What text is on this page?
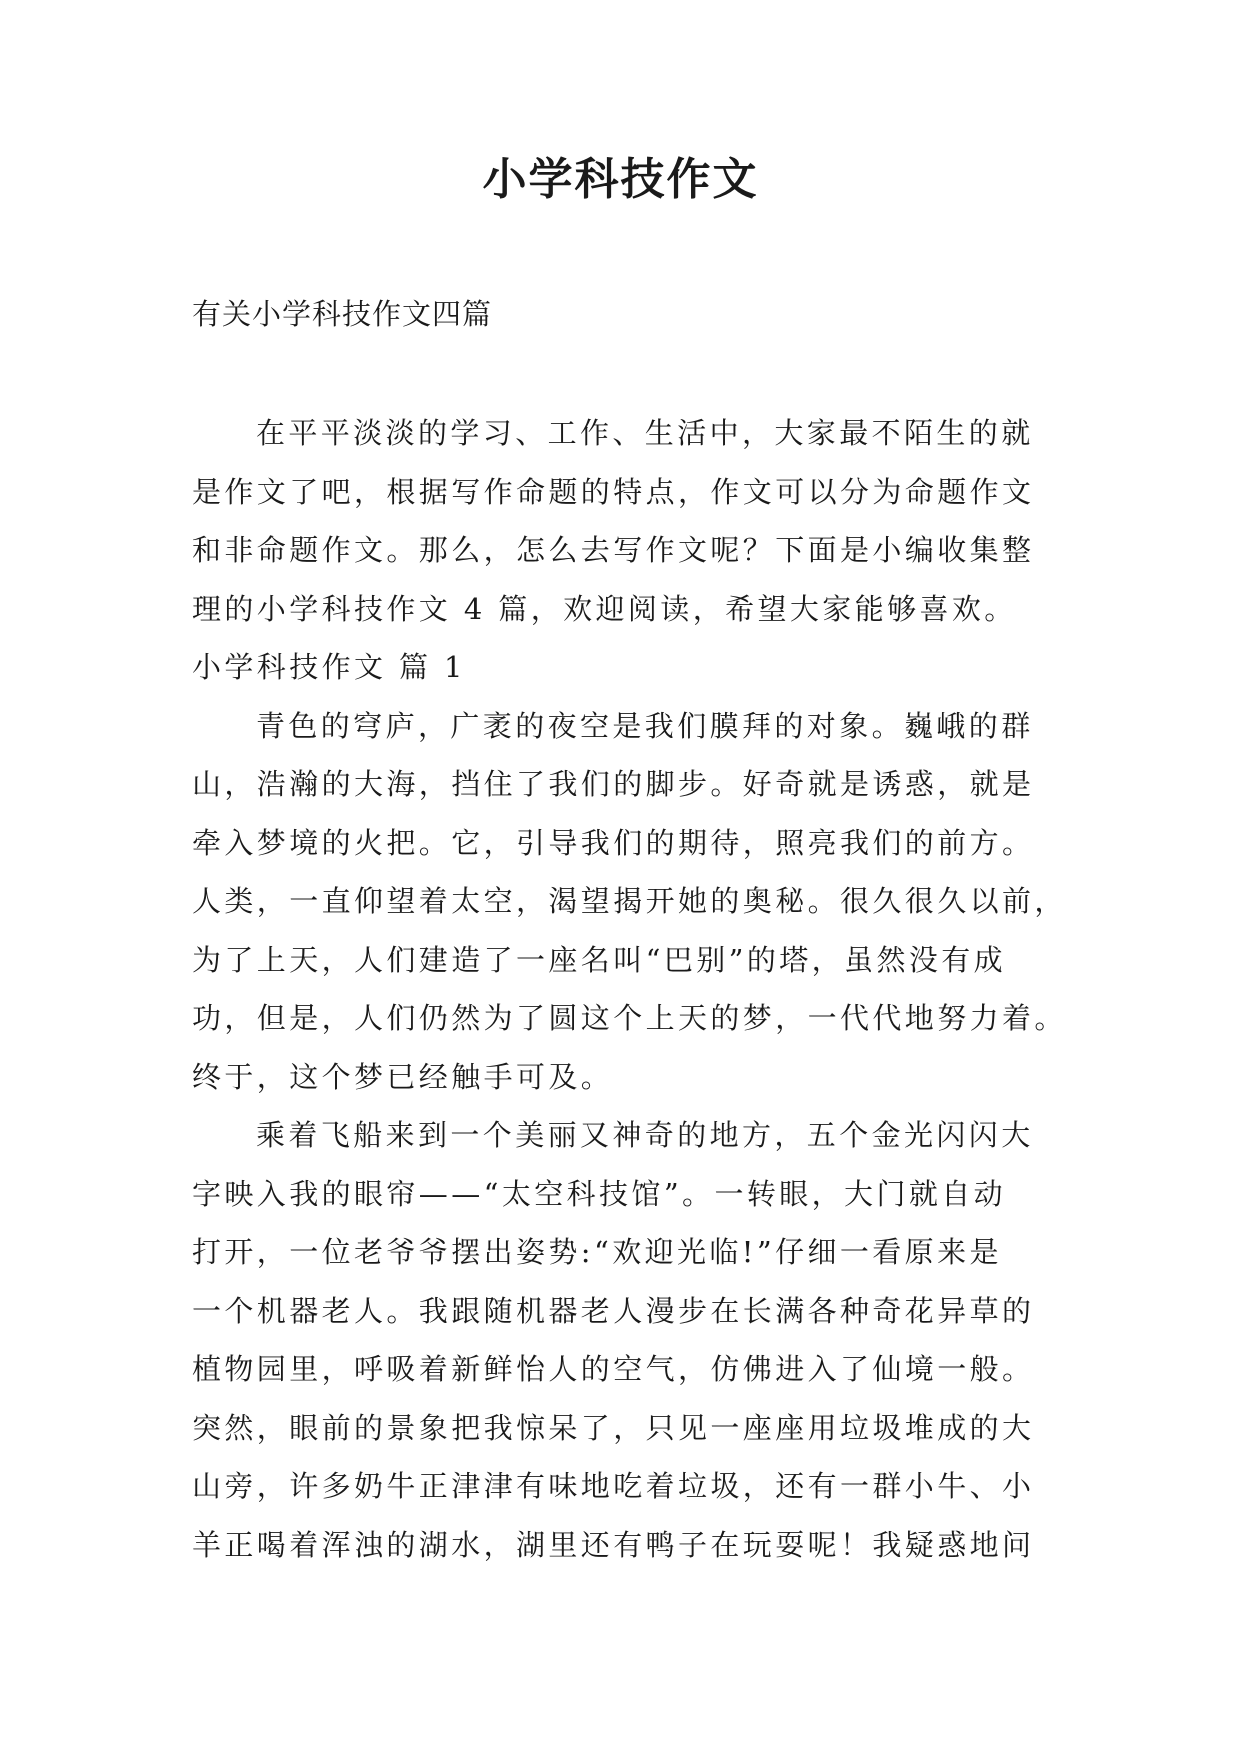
小学科技作文

有关小学科技作文四篇

在平平淡淡的学习、工作、生活中，大家最不陌生的就

是作文了吧，根据写作命题的特点，作文可以分为命题作文

和非命题作文。那么，怎么去写作文呢？下面是小编收集整

理的小学科技作文 4 篇，欢迎阅读，希望大家能够喜欢。

小学科技作文 篇 1

青色的穹庐，广袤的夜空是我们膜拜的对象。巍峨的群

山，浩瀚的大海，挡住了我们的脚步。好奇就是诱惑，就是

牵入梦境的火把。它，引导我们的期待，照亮我们的前方。

人类，一直仰望着太空，渴望揭开她的奥秘。很久很久以前，

为了上天，人们建造了一座名叫“巴别”的塔，虽然没有成

功，但是，人们仍然为了圆这个上天的梦，一代代地努力着。

终于，这个梦已经触手可及。

乘着飞船来到一个美丽又神奇的地方，五个金光闪闪大

字映入我的眼帘——“太空科技馆”。一转眼，大门就自动

打开，一位老爷爷摆出姿势:“欢迎光临!”仔细一看原来是

一个机器老人。我跟随机器老人漫步在长满各种奇花异草的

植物园里，呼吸着新鲜怡人的空气，仿佛进入了仙境一般。

突然，眼前的景象把我惊呆了，只见一座座用垃圾堆成的大

山旁，许多奶牛正津津有味地吃着垃圾，还有一群小牛、小

羊正喝着浑浊的湖水，湖里还有鸭子在玩耍呢！我疑惑地问
